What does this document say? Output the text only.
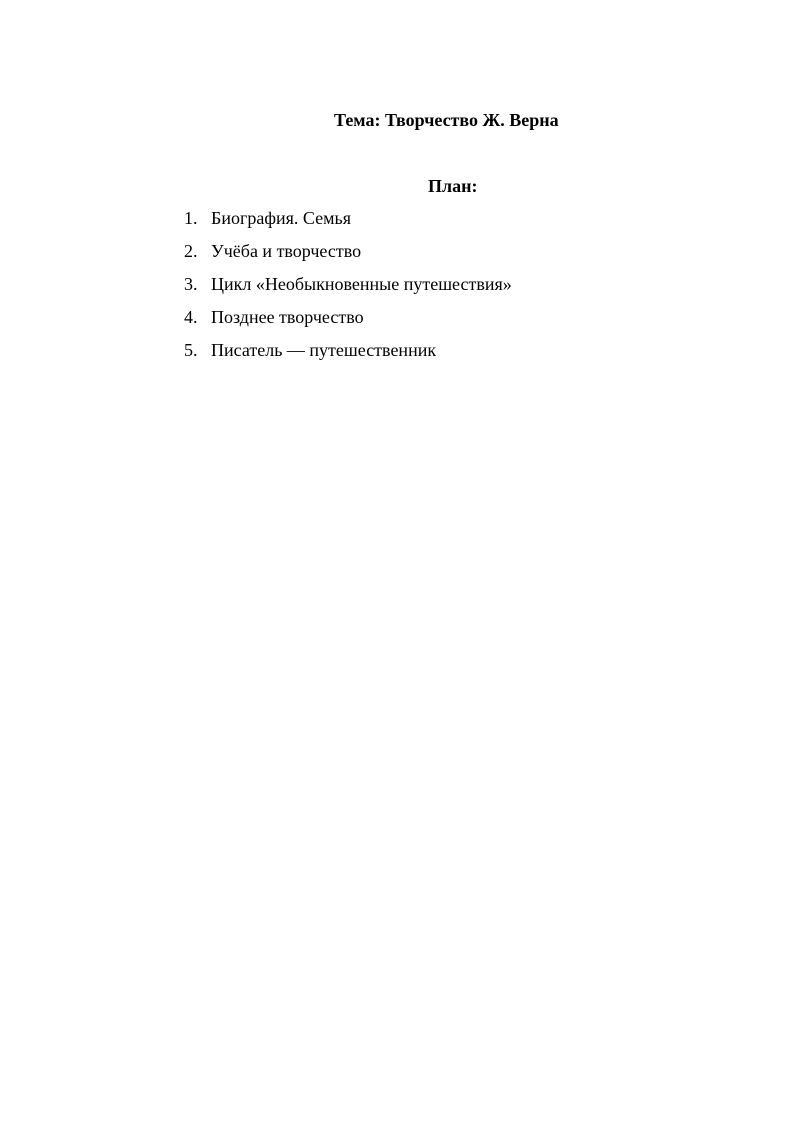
Тема: Творчество Ж. Верна
План:
1. Биография. Семья
2. Учёба и творчество
3. Цикл «Необыкновенные путешествия»
4. Позднее творчество
5. Писатель — путешественник
